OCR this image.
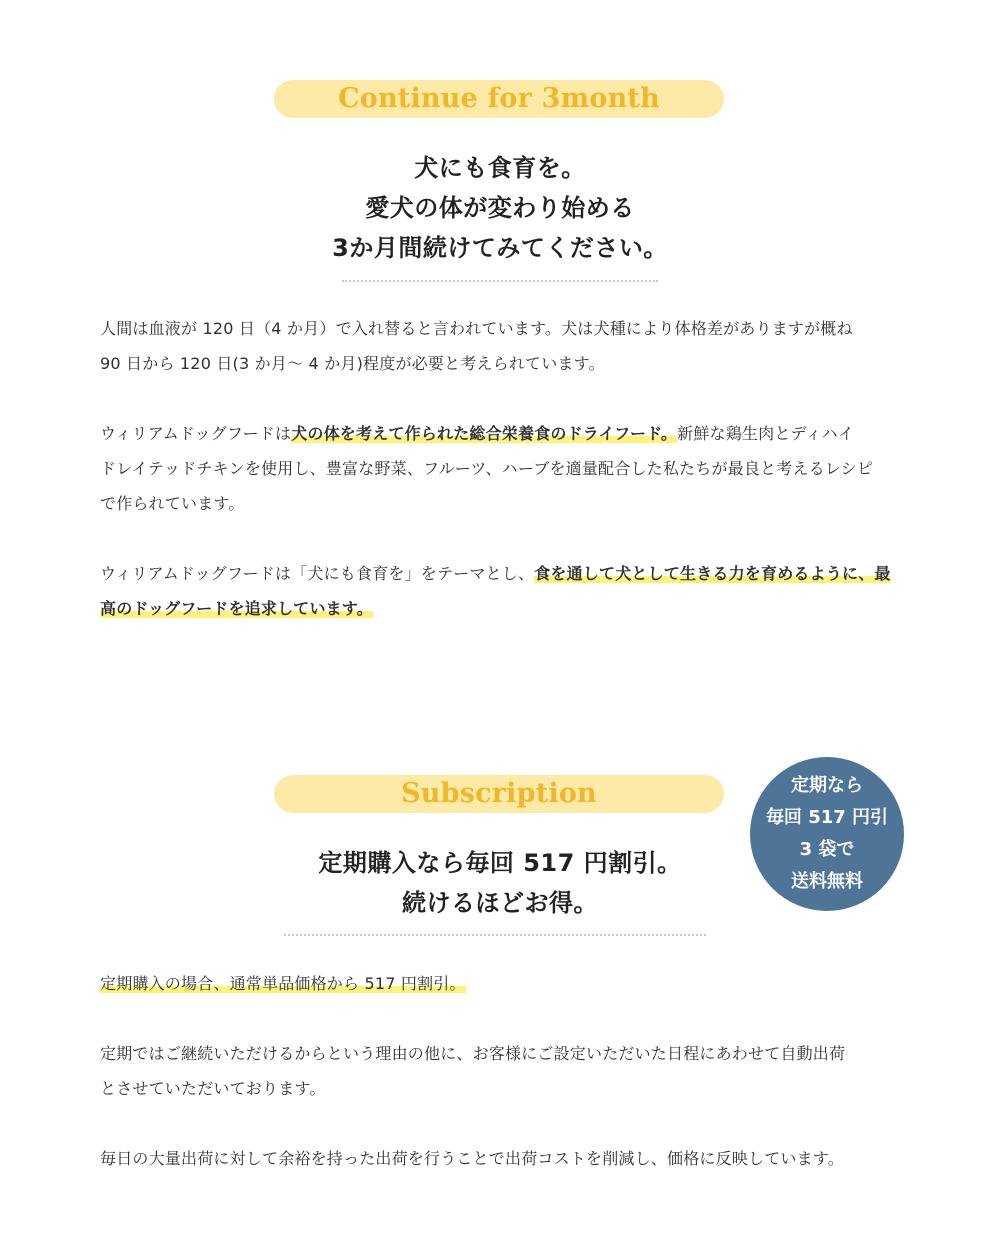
Continue for 3month
犬にも食育を。
愛犬の体が変わり始める
3か月間続けてみてください。
人間は血液が 120 日（4 か月）で入れ替ると言われています。犬は犬種により体格差がありますが概ね
90 日から 120 日(3 か月〜 4 か月)程度が必要と考えられています。
ウィリアムドッグフードは犬の体を考えて作られた総合栄養食のドライフード。新鮮な鶏生肉とディハイ
ドレイテッドチキンを使用し、豊富な野菜、フルーツ、ハーブを適量配合した私たちが最良と考えるレシピ
で作られています。
ウィリアムドッグフードは「犬にも食育を」をテーマとし、食を通して犬として生きる力を育めるように、最
高のドッグフードを追求しています。
Subscription	定期なら
毎回 517 円引
3 袋で
送料無料
定期購入なら毎回 517 円割引。
続けるほどお得。
定期購入の場合、通常単品価格から 517 円割引。
定期ではご継続いただけるからという理由の他に、お客様にご設定いただいた日程にあわせて自動出荷
とさせていただいております。
毎日の大量出荷に対して余裕を持った出荷を行うことで出荷コストを削減し、価格に反映しています。
